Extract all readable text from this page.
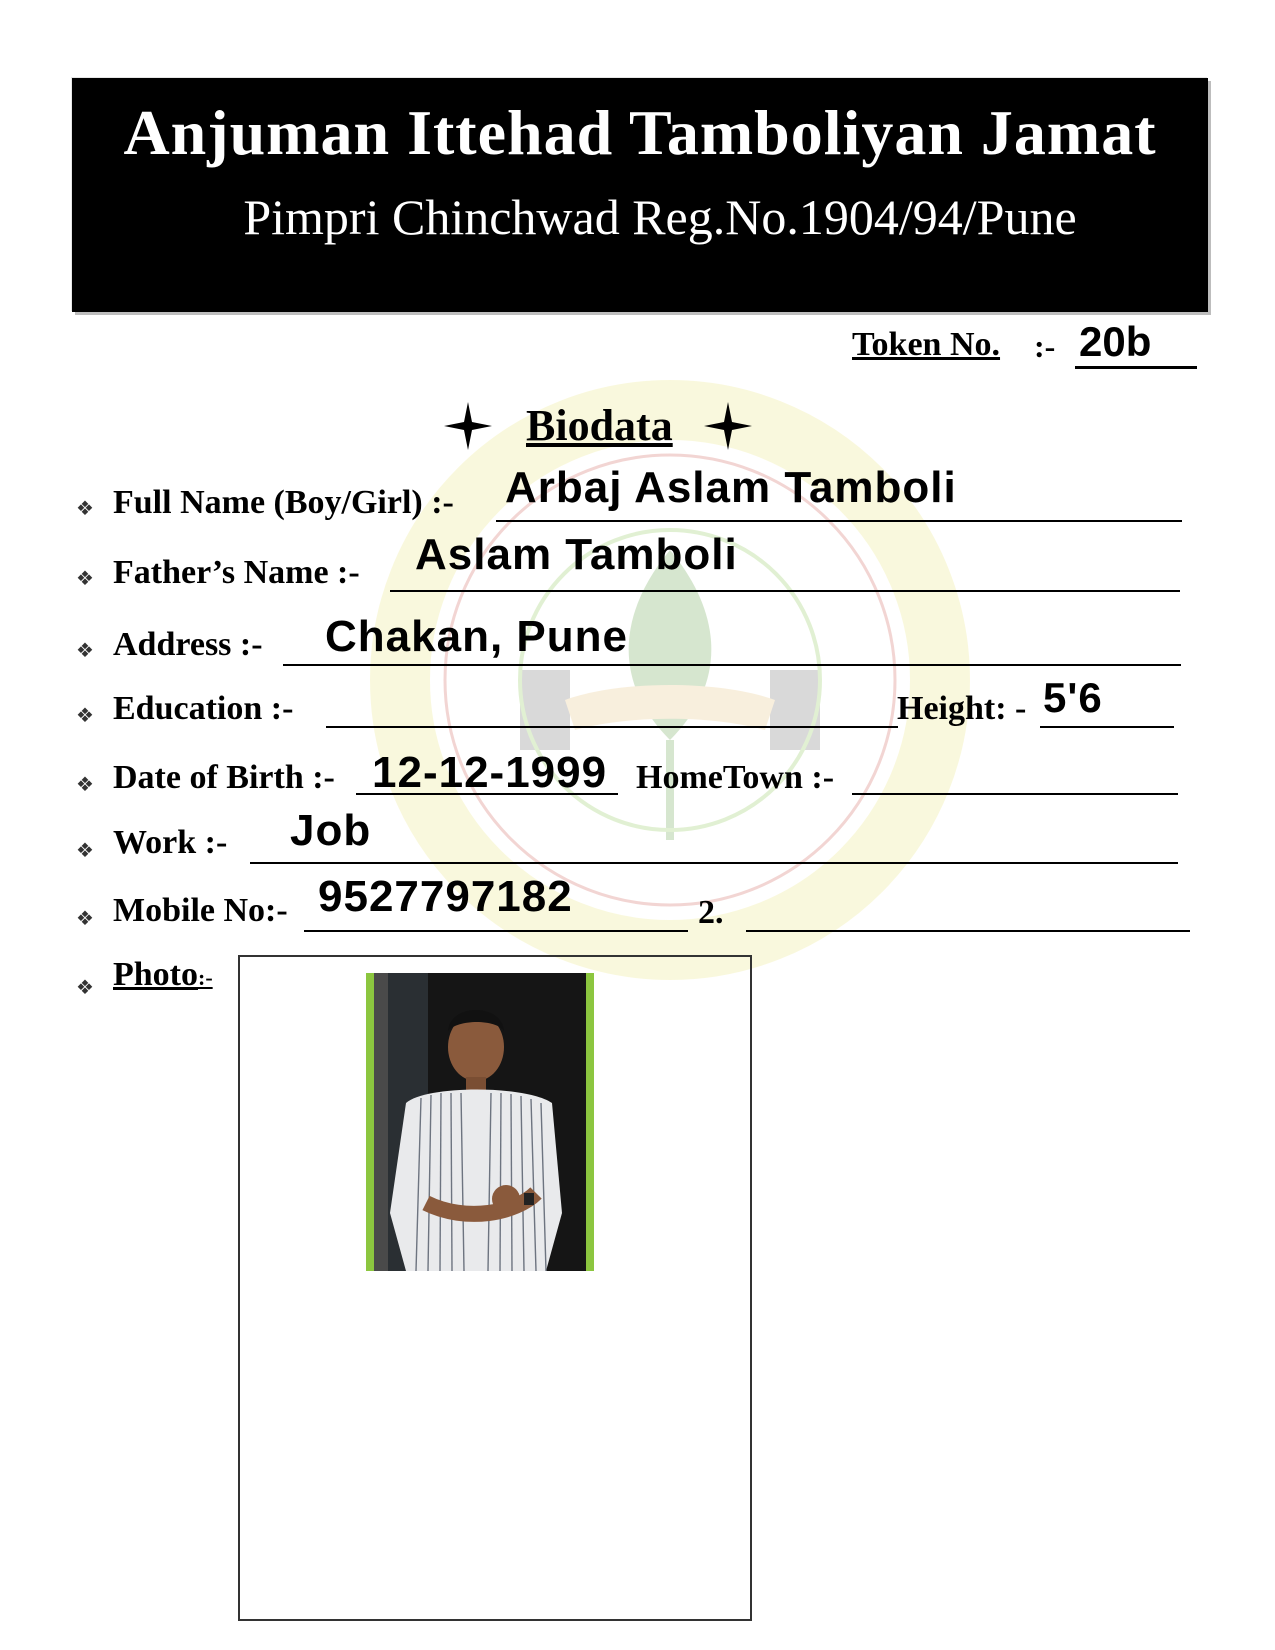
Anjuman Ittehad Tamboliyan Jamat
Pimpri Chinchwad Reg.No.1904/94/Pune
Token No. :- 20b
Biodata
❖ Full Name (Boy/Girl) :- Arbaj Aslam Tamboli
❖ Father’s Name :- Aslam Tamboli
❖ Address :- Chakan, Pune
❖ Education :-	Height: - 5'6
❖ Date of Birth :- 12-12-1999 HomeTown :-
❖ Work :- Job
❖ Mobile No:- 9527797182	2.
❖ Photo:-
